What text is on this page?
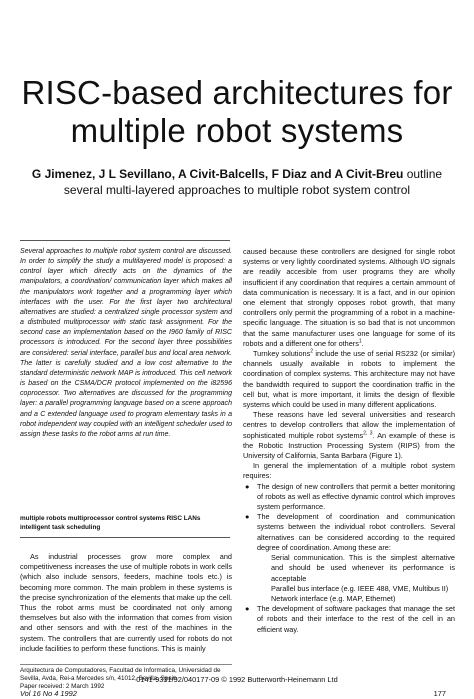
RISC-based architectures for
multiple robot systems
G Jimenez, J L Sevillano, A Civit-Balcells, F Diaz and A Civit-Breu outline
several multi-layered approaches to multiple robot system control
Several approaches to multiple robot system control are discussed. In order to simplify the study a multilayered model is proposed: a control layer which directly acts on the dynamics of the manipulators, a coordination/ communication layer which makes all the manipulators work together and a programming layer which interfaces with the user. For the first layer two architectural alternatives are studied: a centralized single processor system and a distributed multiprocessor with static task assignment. For the second case an implementation based on the I960 family of RISC processors is introduced. For the second layer three possibilities are considered: serial interface, parallel bus and local area network. The latter is carefully studied and a low cost alternative to the standard deterministic network MAP is introduced. This cell network is based on the CSMA/DCR protocol implemented on the i82596 coprocessor. Two alternatives are discussed for the programming layer: a parallel programming language based on a scene approach and a C extended language used to program elementary tasks in a robot independent way coupled with an intelligent scheduler used to assign these tasks to the robot arms at run time.
multiple robots multiprocessor control systems RISC LANs intelligent task scheduling

As industrial processes grow more complex and competitiveness increases the use of multiple robots in work cells (which also include sensors, feeders, machine tools etc.) is becoming more common. The main problem in these systems is the precise synchronization of the elements that make up the cell. Thus the robot arms must be coordinated not only among themselves but also with the information that comes from vision and other sensors and with the rest of the machines in the system. The controllers that are currently used for robots do not include facilities to perform these functions. This is mainly

Arquitectura de Computadores, Facultad de Informatica, Universidad de Sevilla, Avda, Rei-a Mercedes s/n, 41012, Sevilla, Spain
Paper received: 2 March 1992

caused because these controllers are designed for single robot systems or very lightly coordinated systems. Although I/O signals are readily accesible from user programs they are wholly insufficient if any coordination that requires a certain ammount of data communication is necessary. It is a fact, and in our opinion one element that strongly opposes robot growth, that many controllers only permit the programming of a robot in a machine-specific language. The situation is so bad that is not uncommon that the same manufacturer uses one language for some of its robots and a different one for others$^1$.

Turnkey solutions$^2$ include the use of serial RS232 (or similar) channels usually available in robots to implement the coordination of complex systems. This architecture may not have the bandwidth required to support the coordination traffic in the cell but, what is more important, it limits the design of flexible systems which could be used in many different applications.

These reasons have led several universities and research centres to develop controllers that allow the implementation of sophisticated multiple robot systems$^{2, 3}$. An example of these is the Robotic Instruction Processing System (RIPS) from the University of California, Santa Barbara (Figure 1).

In general the implementation of a multiple robot system requires:

● The design of new controllers that permit a better monitoring of robots as well as effective dynamic control which improves system performance.
● The development of coordination and communication systems between the individual robot controllers. Several alternatives can be considered according to the required degree of coordination. Among these are:
Serial communication. This is the simplest alternative and should be used whenever its performance is acceptable
Parallel bus interface (e.g. IEEE 488, VME, Multibus II)
Network interface (e.g. MAP, Ethernet)
● The development of software packages that manage the set of robots and their interface to the rest of the cell in an efficient way.
0141-9331/92/040177-09 © 1992 Butterworth-Heinemann Ltd
Vol 16 No 4 1992	177
